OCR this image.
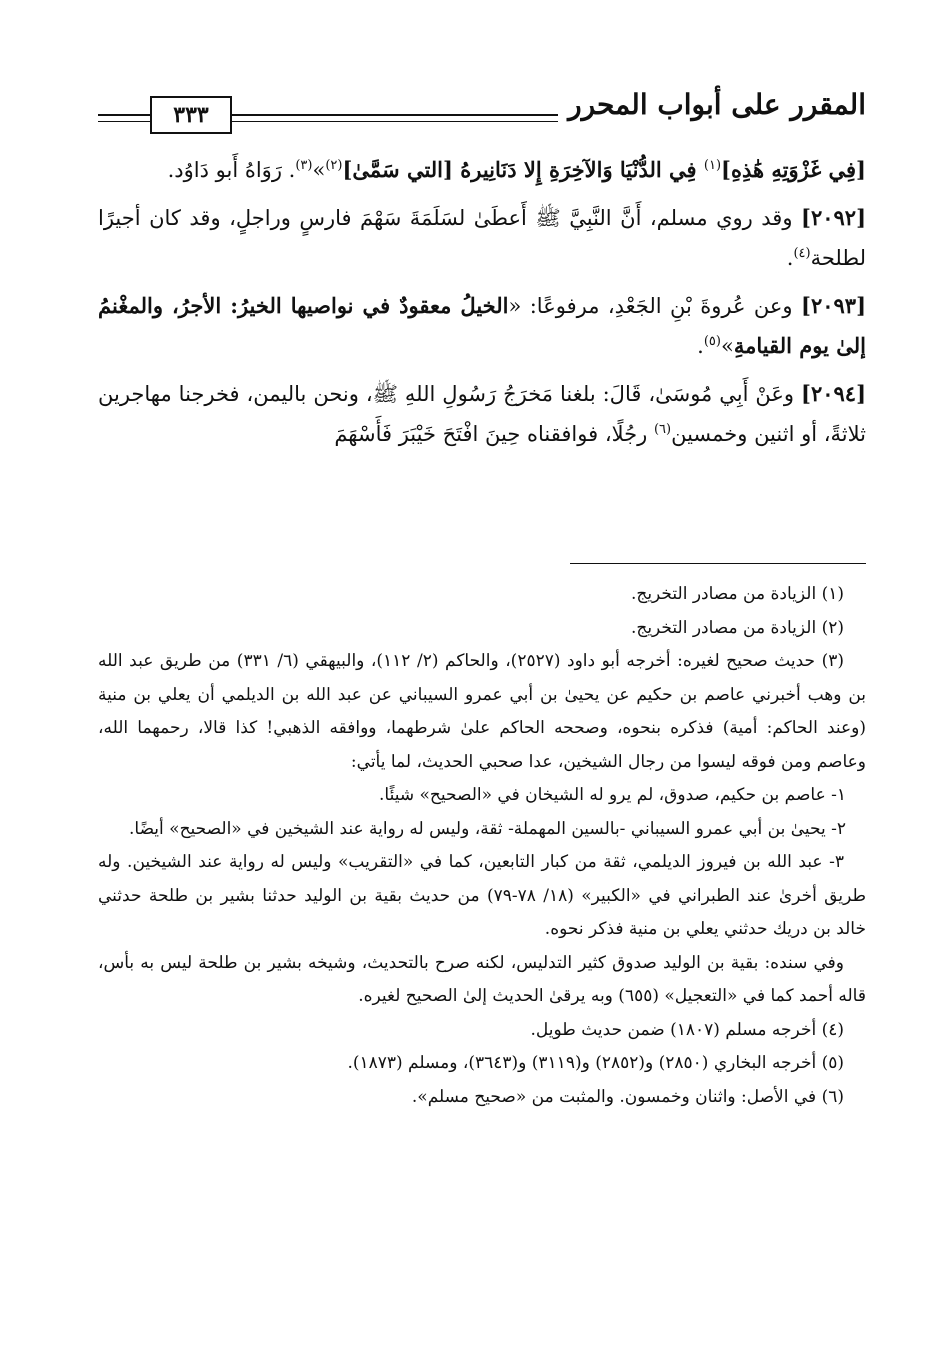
٣٣٣	المقرر على أبواب المحرر

[فِي غَزْوَتِهِ هَٰذِهِ]$^{(١)}$ فِي الدُّنْيَا وَالآخِرَةِ إِلا دَنَانِيرهُ [التي سَمَّىٰ]$^{(٢)}$»$^{(٣)}$. رَوَاهُ أَبو دَاوُد.

[٢٠٩٢] وقد روي مسلم، أَنَّ النَّبِيَّ ﷺ أَعطَىٰ لسَلَمَةَ سَهْمَ فارسٍ وراجلٍ، وقد كان أجيرًا لطلحة$^{(٤)}$.

[٢٠٩٣] وعن عُروةَ بْنِ الجَعْدِ، مرفوعًا: «الخيلُ معقودٌ في نواصيها الخيرُ: الأجرُ، والمغْنمُ إلىٰ يوم القيامةِ»$^{(٥)}$.

[٢٠٩٤] وعَنْ أَبِي مُوسَىٰ، قَالَ: بلغنا مَخرَجُ رَسُولِ اللهِ ﷺ، ونحن باليمن، فخرجنا مهاجرين ثلاثةً، أو اثنين وخمسين$^{(٦)}$ رجُلًا، فوافقناه حِينَ افْتَحَ خَيْبَرَ فَأَسْهَمَ

(١) الزيادة من مصادر التخريج.

(٢) الزيادة من مصادر التخريج.

(٣) حديث صحيح لغيره: أخرجه أبو داود (٢٥٢٧)، والحاكم (٢/ ١١٢)، والبيهقي (٦/ ٣٣١) من طريق عبد الله بن وهب أخبرني عاصم بن حكيم عن يحيىٰ بن أبي عمرو السيباني عن عبد الله بن الديلمي أن يعلي بن منية (وعند الحاكم: أمية) فذكره بنحوه، وصححه الحاكم علىٰ شرطهما، ووافقه الذهبي! كذا قالا، رحمهما الله، وعاصم ومن فوقه ليسوا من رجال الشيخين، عدا صحبي الحديث، لما يأتي:

١- عاصم بن حكيم، صدوق، لم يرو له الشيخان في «الصحيح» شيئًا.

٢- يحيىٰ بن أبي عمرو السيباني -بالسين المهملة- ثقة، وليس له رواية عند الشيخين في «الصحيح» أيضًا.

٣- عبد الله بن فيروز الديلمي، ثقة من كبار التابعين، كما في «التقريب» وليس له رواية عند الشيخين. وله طريق أخرىٰ عند الطبراني في «الكبير» (١٨/ ٧٨-٧٩) من حديث بقية بن الوليد حدثنا بشير بن طلحة حدثني خالد بن دريك حدثني يعلي بن منية فذكر نحوه.

وفي سنده: بقية بن الوليد صدوق كثير التدليس، لكنه صرح بالتحديث، وشيخه بشير بن طلحة ليس به بأس، قاله أحمد كما في «التعجيل» (٦٥٥) وبه يرقىٰ الحديث إلىٰ الصحيح لغيره.

(٤) أخرجه مسلم (١٨٠٧) ضمن حديث طويل.

(٥) أخرجه البخاري (٢٨٥٠) و(٢٨٥٢) و(٣١١٩) و(٣٦٤٣)، ومسلم (١٨٧٣).

(٦) في الأصل: واثنان وخمسون. والمثبت من «صحيح مسلم».
